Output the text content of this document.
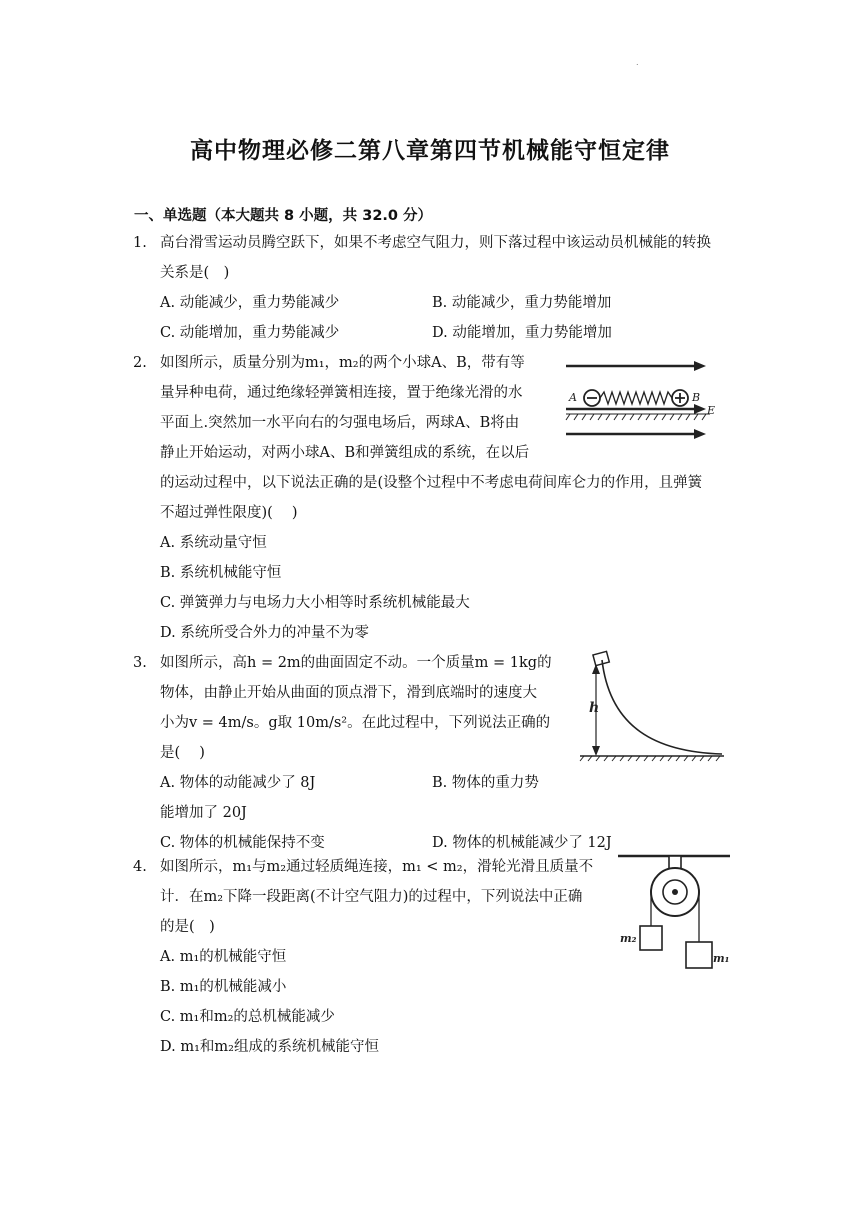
.
高中物理必修二第八章第四节机械能守恒定律
一、单选题（本大题共 8 小题，共 32.0 分）
1. 高台滑雪运动员腾空跃下，如果不考虑空气阻力，则下落过程中该运动员机械能的转换
关系是(　)
A. 动能减少，重力势能减少	B. 动能减少，重力势能增加
C. 动能增加，重力势能减少	D. 动能增加，重力势能增加
2. 如图所示，质量分别为m₁，m₂的两个小球A、B，带有等
量异种电荷，通过绝缘轻弹簧相连接，置于绝缘光滑的水
平面上.突然加一水平向右的匀强电场后，两球A、B将由
静止开始运动，对两小球A、B和弹簧组成的系统，在以后
的运动过程中，以下说法正确的是(设整个过程中不考虑电荷间库仑力的作用，且弹簧
不超过弹性限度)(　 )
A. 系统动量守恒
B. 系统机械能守恒
C. 弹簧弹力与电场力大小相等时系统机械能最大
D. 系统所受合外力的冲量不为零
A	B
E
3. 如图所示，高h = 2m的曲面固定不动。一个质量m = 1kg的
物体，由静止开始从曲面的顶点滑下，滑到底端时的速度大
小为v = 4m/s。g取 10m/s²。在此过程中，下列说法正确的
是(　 )
A. 物体的动能减少了 8J	B. 物体的重力势
能增加了 20J
C. 物体的机械能保持不变	D. 物体的机械能减少了 12J
h
4. 如图所示，m₁与m₂通过轻质绳连接，m₁ < m₂，滑轮光滑且质量不
计．在m₂下降一段距离(不计空气阻力)的过程中，下列说法中正确
的是(　)
A. m₁的机械能守恒
B. m₁的机械能减小
C. m₁和m₂的总机械能减少
D. m₁和m₂组成的系统机械能守恒
m₂
m₁
